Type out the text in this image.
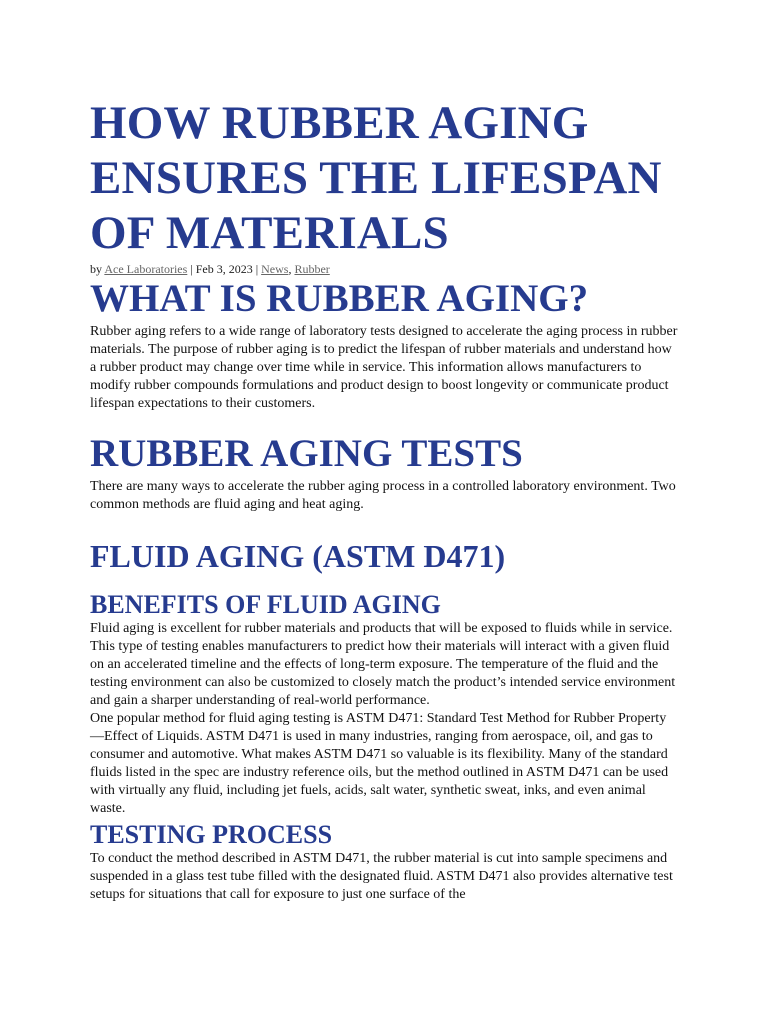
HOW RUBBER AGING ENSURES THE LIFESPAN OF MATERIALS
by Ace Laboratories | Feb 3, 2023 | News, Rubber
WHAT IS RUBBER AGING?

Rubber aging refers to a wide range of laboratory tests designed to accelerate the aging process in rubber materials. The purpose of rubber aging is to predict the lifespan of rubber materials and understand how a rubber product may change over time while in service. This information allows manufacturers to modify rubber compounds formulations and product design to boost longevity or communicate product lifespan expectations to their customers.

RUBBER AGING TESTS

There are many ways to accelerate the rubber aging process in a controlled laboratory environment. Two common methods are fluid aging and heat aging.

FLUID AGING (ASTM D471)
BENEFITS OF FLUID AGING

Fluid aging is excellent for rubber materials and products that will be exposed to fluids while in service. This type of testing enables manufacturers to predict how their materials will interact with a given fluid on an accelerated timeline and the effects of long-term exposure. The temperature of the fluid and the testing environment can also be customized to closely match the product’s intended service environment and gain a sharper understanding of real-world performance.

One popular method for fluid aging testing is ASTM D471: Standard Test Method for Rubber Property—Effect of Liquids. ASTM D471 is used in many industries, ranging from aerospace, oil, and gas to consumer and automotive. What makes ASTM D471 so valuable is its flexibility. Many of the standard fluids listed in the spec are industry reference oils, but the method outlined in ASTM D471 can be used with virtually any fluid, including jet fuels, acids, salt water, synthetic sweat, inks, and even animal waste.

TESTING PROCESS

To conduct the method described in ASTM D471, the rubber material is cut into sample specimens and suspended in a glass test tube filled with the designated fluid. ASTM D471 also provides alternative test setups for situations that call for exposure to just one surface of the
